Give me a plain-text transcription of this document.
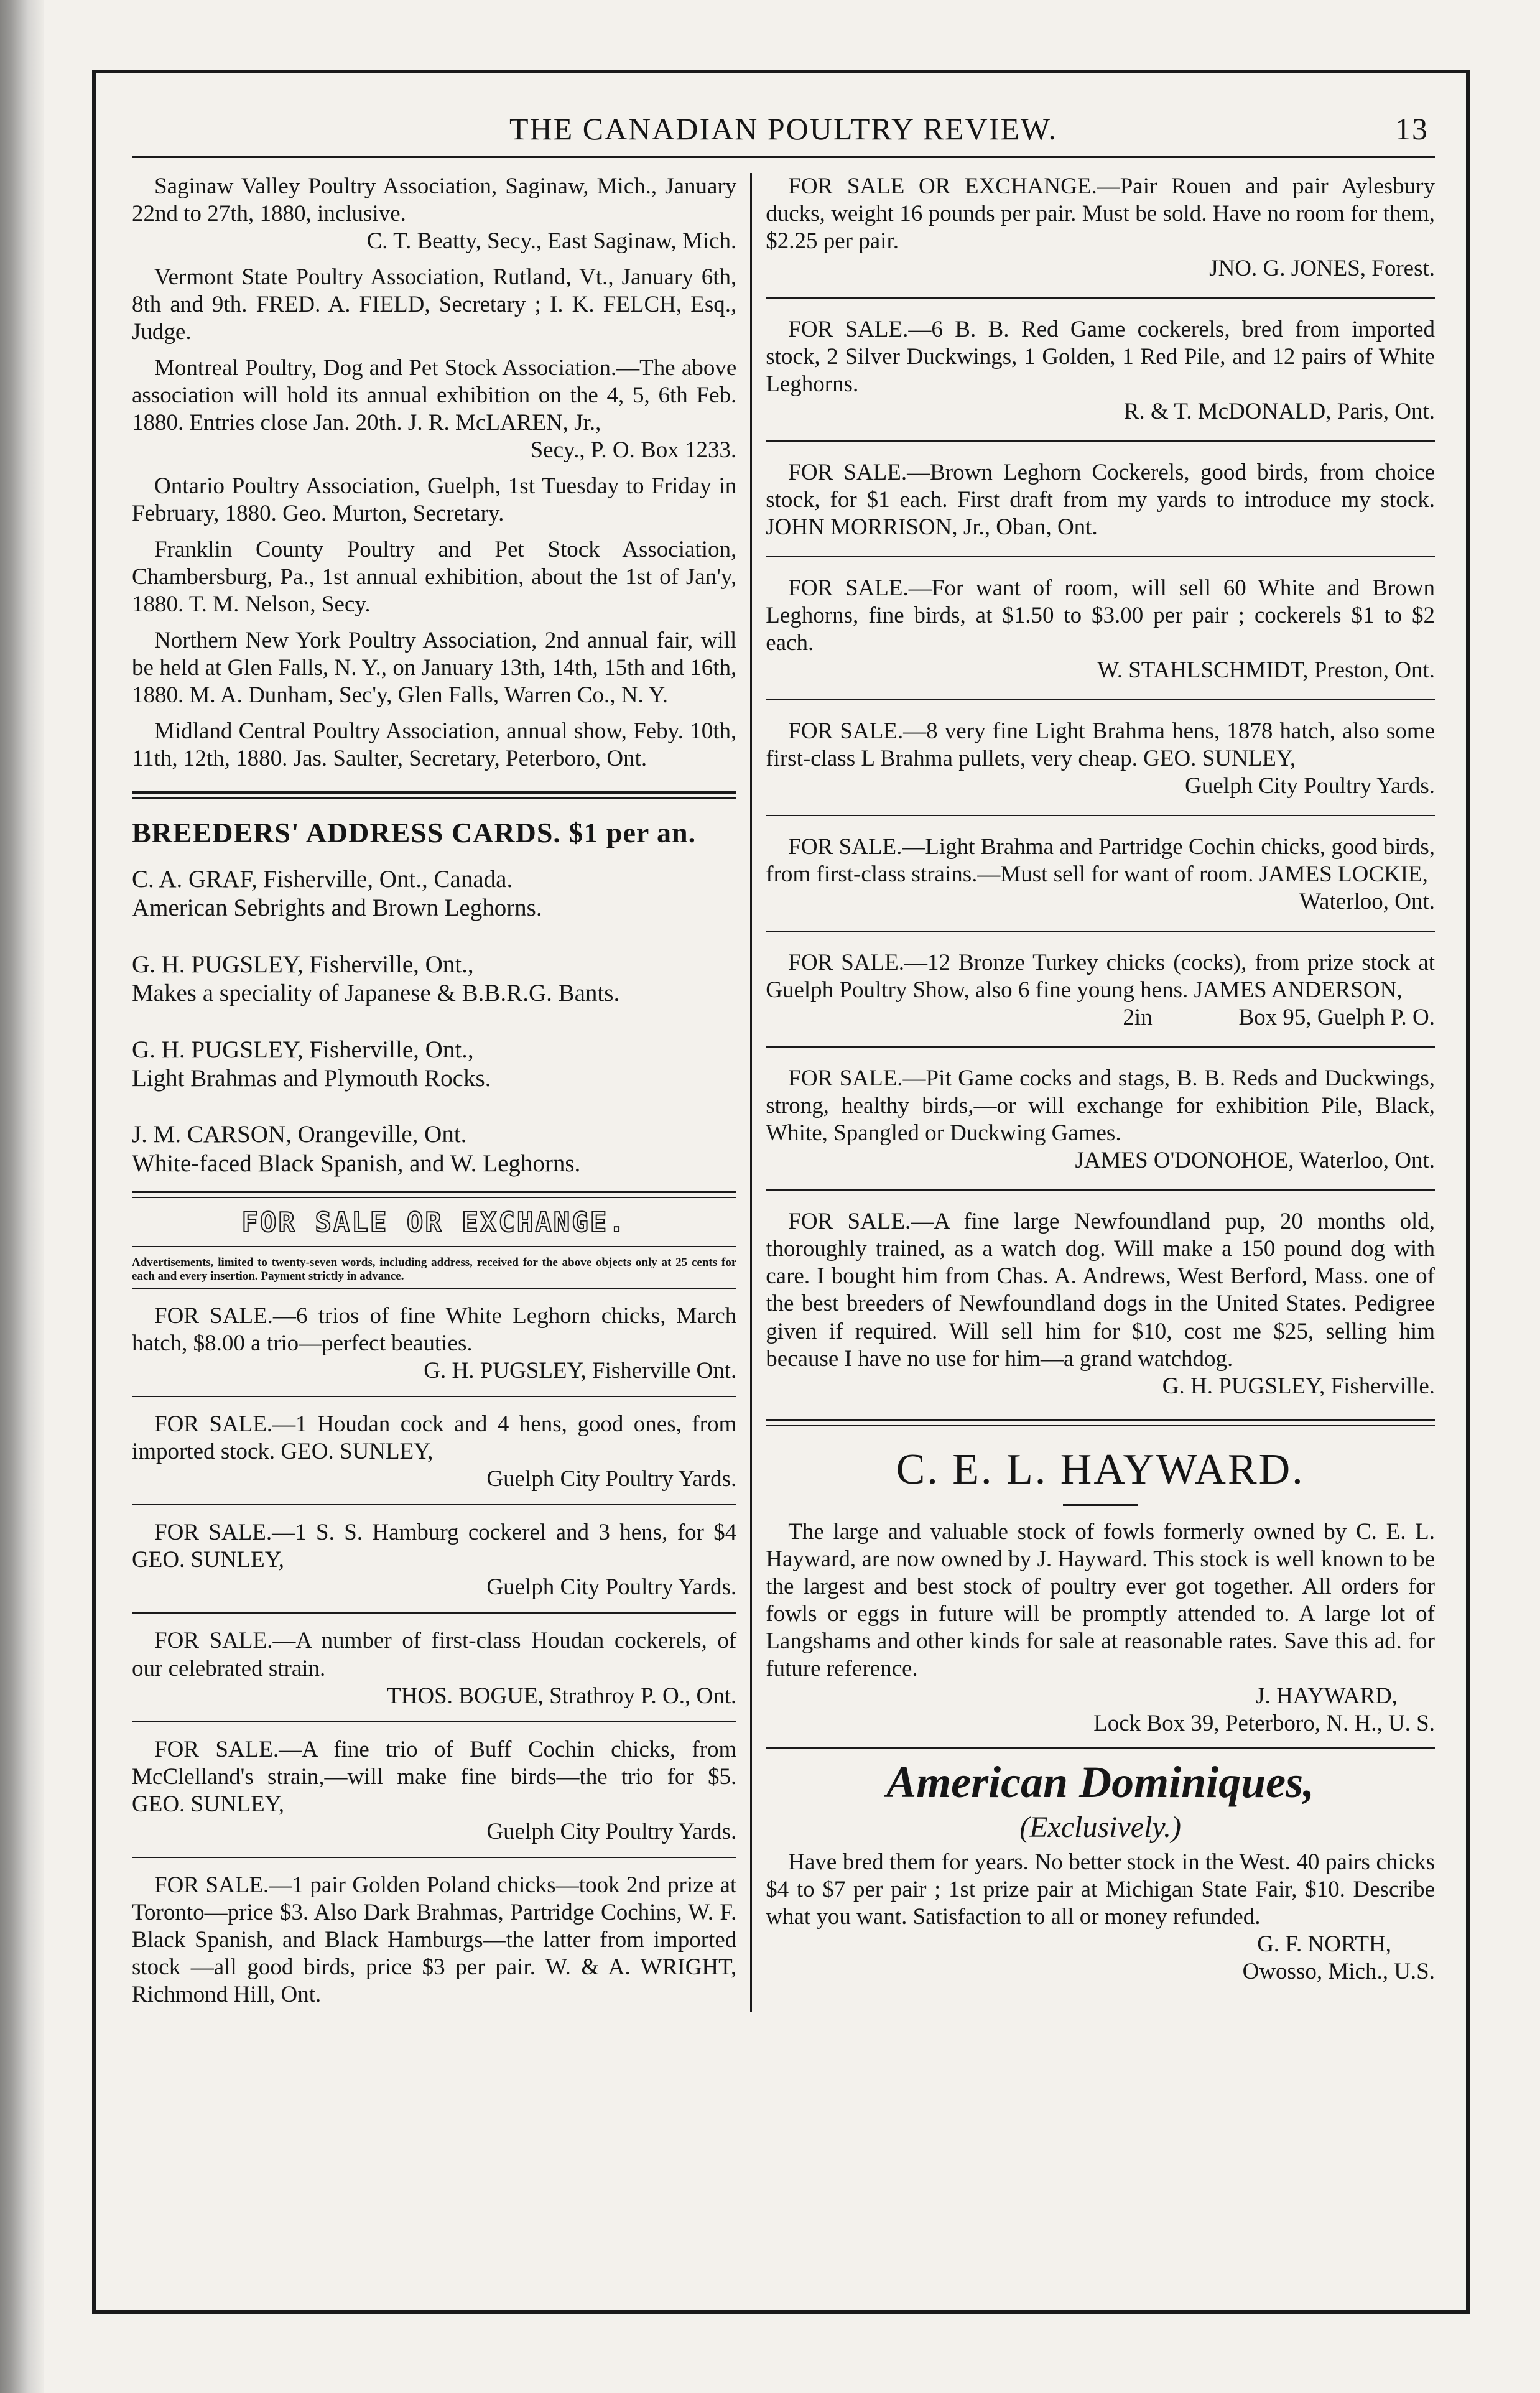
THE CANADIAN POULTRY REVIEW.	13

Saginaw Valley Poultry Association, Saginaw, Mich., January 22nd to 27th, 1880, inclusive.

C. T. Beatty, Secy., East Saginaw, Mich.

Vermont State Poultry Association, Rutland, Vt., January 6th, 8th and 9th. FRED. A. FIELD, Secretary ; I. K. FELCH, Esq., Judge.

Montreal Poultry, Dog and Pet Stock Association.—The above association will hold its annual exhibition on the 4, 5, 6th Feb. 1880. Entries close Jan. 20th. J. R. McLAREN, Jr.,

Secy., P. O. Box 1233.

Ontario Poultry Association, Guelph, 1st Tuesday to Friday in February, 1880. Geo. Murton, Secretary.

Franklin County Poultry and Pet Stock Association, Chambersburg, Pa., 1st annual exhibition, about the 1st of Jan'y, 1880. T. M. Nelson, Secy.

Northern New York Poultry Association, 2nd annual fair, will be held at Glen Falls, N. Y., on January 13th, 14th, 15th and 16th, 1880. M. A. Dunham, Sec'y, Glen Falls, Warren Co., N. Y.

Midland Central Poultry Association, annual show, Feby. 10th, 11th, 12th, 1880. Jas. Saulter, Secretary, Peterboro, Ont.

BREEDERS' ADDRESS CARDS. $1 per an.

C. A. GRAF, Fisherville, Ont., Canada.
American Sebrights and Brown Leghorns.
G. H. PUGSLEY, Fisherville, Ont.,
Makes a speciality of Japanese & B.B.R.G. Bants.
G. H. PUGSLEY, Fisherville, Ont.,
Light Brahmas and Plymouth Rocks.
J. M. CARSON, Orangeville, Ont.
White-faced Black Spanish, and W. Leghorns.
FOR SALE OR EXCHANGE.

Advertisements, limited to twenty-seven words, including address, received for the above objects only at 25 cents for each and every insertion. Payment strictly in advance.

FOR SALE.—6 trios of fine White Leghorn chicks, March hatch, $8.00 a trio—perfect beauties.

G. H. PUGSLEY, Fisherville Ont.

FOR SALE.—1 Houdan cock and 4 hens, good ones, from imported stock. GEO. SUNLEY,

Guelph City Poultry Yards.

FOR SALE.—1 S. S. Hamburg cockerel and 3 hens, for $4 GEO. SUNLEY,

Guelph City Poultry Yards.

FOR SALE.—A number of first-class Houdan cockerels, of our celebrated strain.

THOS. BOGUE, Strathroy P. O., Ont.

FOR SALE.—A fine trio of Buff Cochin chicks, from McClelland's strain,—will make fine birds—the trio for $5. GEO. SUNLEY,

Guelph City Poultry Yards.

FOR SALE.—1 pair Golden Poland chicks—took 2nd prize at Toronto—price $3. Also Dark Brahmas, Partridge Cochins, W. F. Black Spanish, and Black Hamburgs—the latter from imported stock —all good birds, price $3 per pair. W. & A. WRIGHT, Richmond Hill, Ont.

FOR SALE OR EXCHANGE.—Pair Rouen and pair Aylesbury ducks, weight 16 pounds per pair. Must be sold. Have no room for them, $2.25 per pair.

JNO. G. JONES, Forest.

FOR SALE.—6 B. B. Red Game cockerels, bred from imported stock, 2 Silver Duckwings, 1 Golden, 1 Red Pile, and 12 pairs of White Leghorns.

R. & T. McDONALD, Paris, Ont.

FOR SALE.—Brown Leghorn Cockerels, good birds, from choice stock, for $1 each. First draft from my yards to introduce my stock. JOHN MORRISON, Jr., Oban, Ont.

FOR SALE.—For want of room, will sell 60 White and Brown Leghorns, fine birds, at $1.50 to $3.00 per pair ; cockerels $1 to $2 each.

W. STAHLSCHMIDT, Preston, Ont.

FOR SALE.—8 very fine Light Brahma hens, 1878 hatch, also some first-class L Brahma pullets, very cheap. GEO. SUNLEY,

Guelph City Poultry Yards.

FOR SALE.—Light Brahma and Partridge Cochin chicks, good birds, from first-class strains.—Must sell for want of room. JAMES LOCKIE,

Waterloo, Ont.

FOR SALE.—12 Bronze Turkey chicks (cocks), from prize stock at Guelph Poultry Show, also 6 fine young hens. JAMES ANDERSON,

2in               Box 95, Guelph P. O.

FOR SALE.—Pit Game cocks and stags, B. B. Reds and Duckwings, strong, healthy birds,—or will exchange for exhibition Pile, Black, White, Spangled or Duckwing Games.

JAMES O'DONOHOE, Waterloo, Ont.

FOR SALE.—A fine large Newfoundland pup, 20 months old, thoroughly trained, as a watch dog. Will make a 150 pound dog with care. I bought him from Chas. A. Andrews, West Berford, Mass. one of the best breeders of Newfoundland dogs in the United States. Pedigree given if required. Will sell him for $10, cost me $25, selling him because I have no use for him—a grand watchdog.

G. H. PUGSLEY, Fisherville.

C. E. L. HAYWARD.

The large and valuable stock of fowls formerly owned by C. E. L. Hayward, are now owned by J. Hayward. This stock is well known to be the largest and best stock of poultry ever got together. All orders for fowls or eggs in future will be promptly attended to. A large lot of Langshams and other kinds for sale at reasonable rates. Save this ad. for future reference.

J. HAYWARD,

Lock Box 39, Peterboro, N. H., U. S.

American Dominiques,

(Exclusively.)

Have bred them for years. No better stock in the West. 40 pairs chicks $4 to $7 per pair ; 1st prize pair at Michigan State Fair, $10. Describe what you want. Satisfaction to all or money refunded.

G. F. NORTH,

Owosso, Mich., U.S.
